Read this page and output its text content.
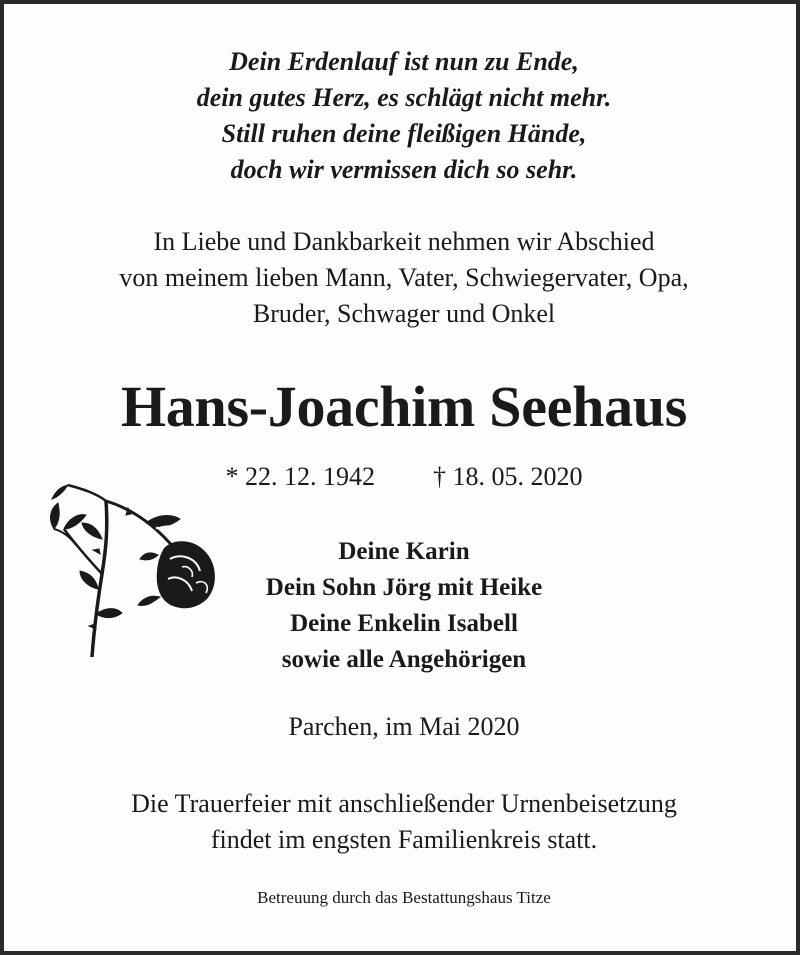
Dein Erdenlauf ist nun zu Ende,
dein gutes Herz, es schlägt nicht mehr.
Still ruhen deine fleißigen Hände,
doch wir vermissen dich so sehr.
In Liebe und Dankbarkeit nehmen wir Abschied
von meinem lieben Mann, Vater, Schwiegervater, Opa,
Bruder, Schwager und Onkel
Hans-Joachim Seehaus
* 22. 12. 1942 † 18. 05. 2020
Deine Karin
Dein Sohn Jörg mit Heike
Deine Enkelin Isabell
sowie alle Angehörigen
Parchen, im Mai 2020
Die Trauerfeier mit anschließender Urnenbeisetzung
findet im engsten Familienkreis statt.
Betreuung durch das Bestattungshaus Titze
